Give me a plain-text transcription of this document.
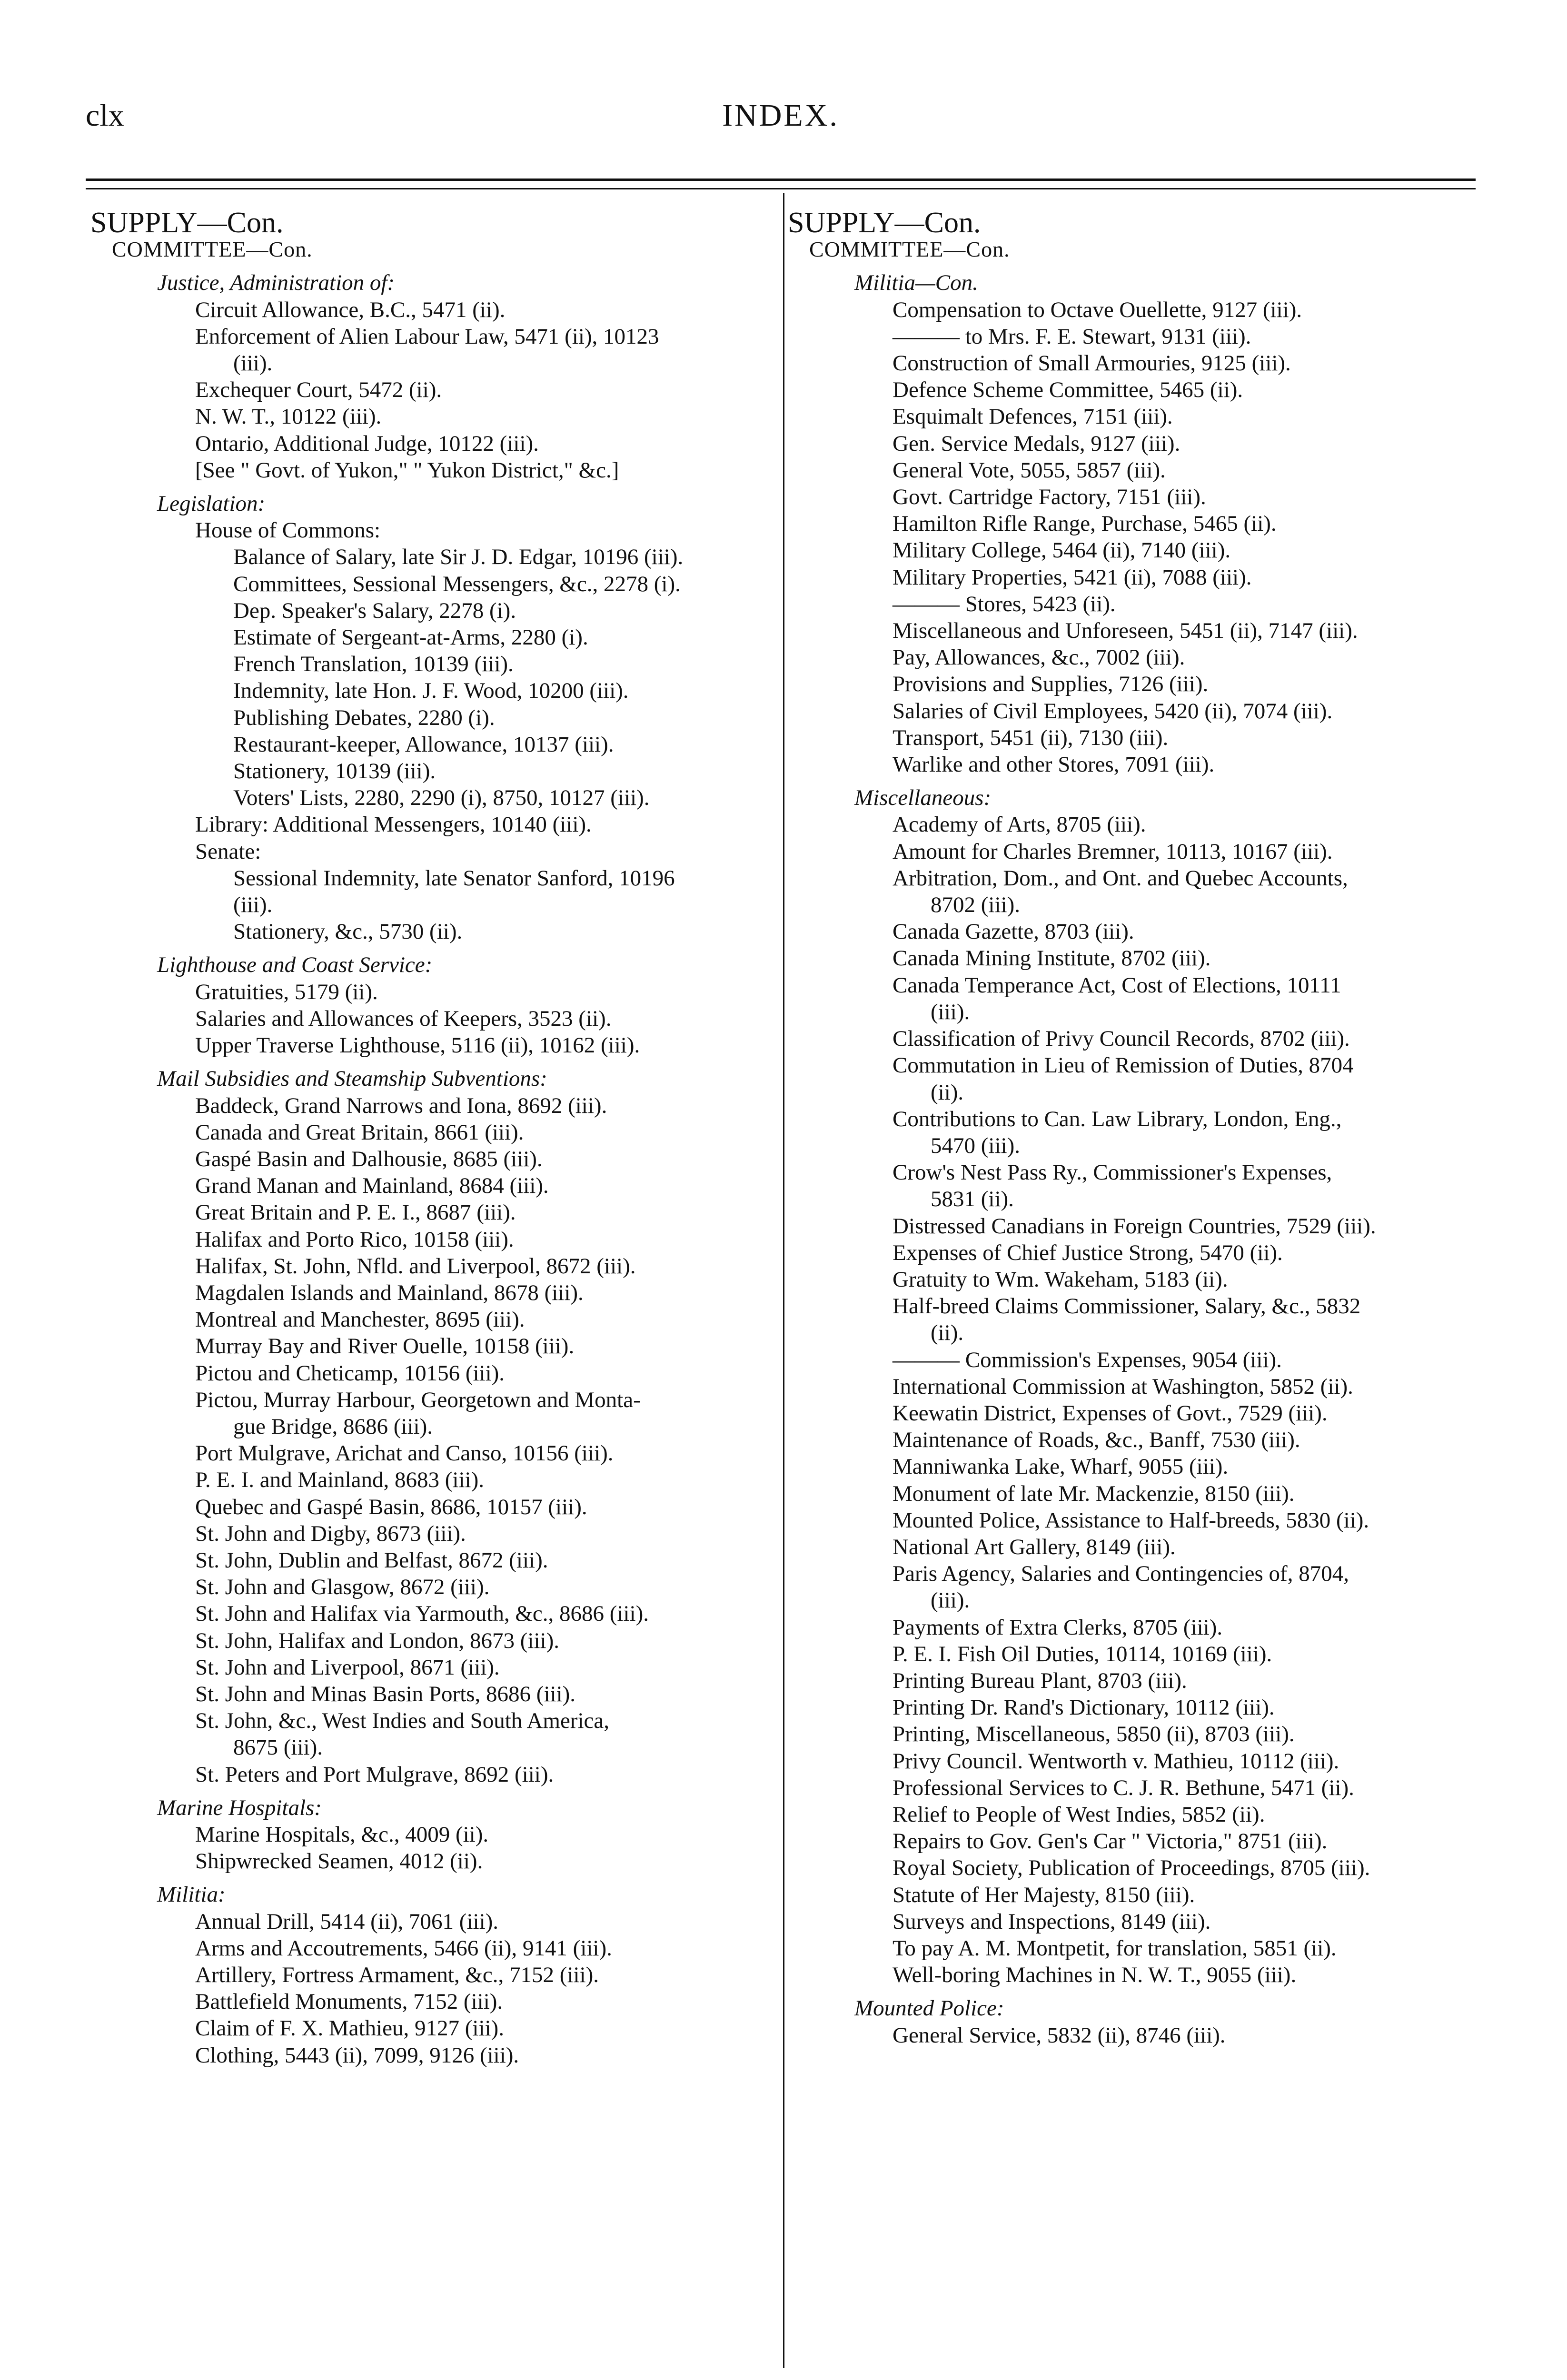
clx	INDEX.
SUPPLY—Con.
COMMITTEE—Con.
Justice, Administration of:
Circuit Allowance, B.C., 5471 (ii).
Enforcement of Alien Labour Law, 5471 (ii), 10123
(iii).
Exchequer Court, 5472 (ii).
N. W. T., 10122 (iii).
Ontario, Additional Judge, 10122 (iii).
[See " Govt. of Yukon," " Yukon District," &c.]
Legislation:
House of Commons:
Balance of Salary, late Sir J. D. Edgar, 10196 (iii).
Committees, Sessional Messengers, &c., 2278 (i).
Dep. Speaker's Salary, 2278 (i).
Estimate of Sergeant-at-Arms, 2280 (i).
French Translation, 10139 (iii).
Indemnity, late Hon. J. F. Wood, 10200 (iii).
Publishing Debates, 2280 (i).
Restaurant-keeper, Allowance, 10137 (iii).
Stationery, 10139 (iii).
Voters' Lists, 2280, 2290 (i), 8750, 10127 (iii).
Library: Additional Messengers, 10140 (iii).
Senate:
Sessional Indemnity, late Senator Sanford, 10196
(iii).
Stationery, &c., 5730 (ii).
Lighthouse and Coast Service:
Gratuities, 5179 (ii).
Salaries and Allowances of Keepers, 3523 (ii).
Upper Traverse Lighthouse, 5116 (ii), 10162 (iii).
Mail Subsidies and Steamship Subventions:
Baddeck, Grand Narrows and Iona, 8692 (iii).
Canada and Great Britain, 8661 (iii).
Gaspé Basin and Dalhousie, 8685 (iii).
Grand Manan and Mainland, 8684 (iii).
Great Britain and P. E. I., 8687 (iii).
Halifax and Porto Rico, 10158 (iii).
Halifax, St. John, Nfld. and Liverpool, 8672 (iii).
Magdalen Islands and Mainland, 8678 (iii).
Montreal and Manchester, 8695 (iii).
Murray Bay and River Ouelle, 10158 (iii).
Pictou and Cheticamp, 10156 (iii).
Pictou, Murray Harbour, Georgetown and Monta-
gue Bridge, 8686 (iii).
Port Mulgrave, Arichat and Canso, 10156 (iii).
P. E. I. and Mainland, 8683 (iii).
Quebec and Gaspé Basin, 8686, 10157 (iii).
St. John and Digby, 8673 (iii).
St. John, Dublin and Belfast, 8672 (iii).
St. John and Glasgow, 8672 (iii).
St. John and Halifax via Yarmouth, &c., 8686 (iii).
St. John, Halifax and London, 8673 (iii).
St. John and Liverpool, 8671 (iii).
St. John and Minas Basin Ports, 8686 (iii).
St. John, &c., West Indies and South America,
8675 (iii).
St. Peters and Port Mulgrave, 8692 (iii).
Marine Hospitals:
Marine Hospitals, &c., 4009 (ii).
Shipwrecked Seamen, 4012 (ii).
Militia:
Annual Drill, 5414 (ii), 7061 (iii).
Arms and Accoutrements, 5466 (ii), 9141 (iii).
Artillery, Fortress Armament, &c., 7152 (iii).
Battlefield Monuments, 7152 (iii).
Claim of F. X. Mathieu, 9127 (iii).
Clothing, 5443 (ii), 7099, 9126 (iii).
SUPPLY—Con.
COMMITTEE—Con.
Militia—Con.
Compensation to Octave Ouellette, 9127 (iii).
——— to Mrs. F. E. Stewart, 9131 (iii).
Construction of Small Armouries, 9125 (iii).
Defence Scheme Committee, 5465 (ii).
Esquimalt Defences, 7151 (iii).
Gen. Service Medals, 9127 (iii).
General Vote, 5055, 5857 (iii).
Govt. Cartridge Factory, 7151 (iii).
Hamilton Rifle Range, Purchase, 5465 (ii).
Military College, 5464 (ii), 7140 (iii).
Military Properties, 5421 (ii), 7088 (iii).
——— Stores, 5423 (ii).
Miscellaneous and Unforeseen, 5451 (ii), 7147 (iii).
Pay, Allowances, &c., 7002 (iii).
Provisions and Supplies, 7126 (iii).
Salaries of Civil Employees, 5420 (ii), 7074 (iii).
Transport, 5451 (ii), 7130 (iii).
Warlike and other Stores, 7091 (iii).
Miscellaneous:
Academy of Arts, 8705 (iii).
Amount for Charles Bremner, 10113, 10167 (iii).
Arbitration, Dom., and Ont. and Quebec Accounts,
8702 (iii).
Canada Gazette, 8703 (iii).
Canada Mining Institute, 8702 (iii).
Canada Temperance Act, Cost of Elections, 10111
(iii).
Classification of Privy Council Records, 8702 (iii).
Commutation in Lieu of Remission of Duties, 8704
(ii).
Contributions to Can. Law Library, London, Eng.,
5470 (iii).
Crow's Nest Pass Ry., Commissioner's Expenses,
5831 (ii).
Distressed Canadians in Foreign Countries, 7529 (iii).
Expenses of Chief Justice Strong, 5470 (ii).
Gratuity to Wm. Wakeham, 5183 (ii).
Half-breed Claims Commissioner, Salary, &c., 5832
(ii).
——— Commission's Expenses, 9054 (iii).
International Commission at Washington, 5852 (ii).
Keewatin District, Expenses of Govt., 7529 (iii).
Maintenance of Roads, &c., Banff, 7530 (iii).
Manniwanka Lake, Wharf, 9055 (iii).
Monument of late Mr. Mackenzie, 8150 (iii).
Mounted Police, Assistance to Half-breeds, 5830 (ii).
National Art Gallery, 8149 (iii).
Paris Agency, Salaries and Contingencies of, 8704,
(iii).
Payments of Extra Clerks, 8705 (iii).
P. E. I. Fish Oil Duties, 10114, 10169 (iii).
Printing Bureau Plant, 8703 (iii).
Printing Dr. Rand's Dictionary, 10112 (iii).
Printing, Miscellaneous, 5850 (ii), 8703 (iii).
Privy Council. Wentworth v. Mathieu, 10112 (iii).
Professional Services to C. J. R. Bethune, 5471 (ii).
Relief to People of West Indies, 5852 (ii).
Repairs to Gov. Gen's Car " Victoria," 8751 (iii).
Royal Society, Publication of Proceedings, 8705 (iii).
Statute of Her Majesty, 8150 (iii).
Surveys and Inspections, 8149 (iii).
To pay A. M. Montpetit, for translation, 5851 (ii).
Well-boring Machines in N. W. T., 9055 (iii).
Mounted Police:
General Service, 5832 (ii), 8746 (iii).
